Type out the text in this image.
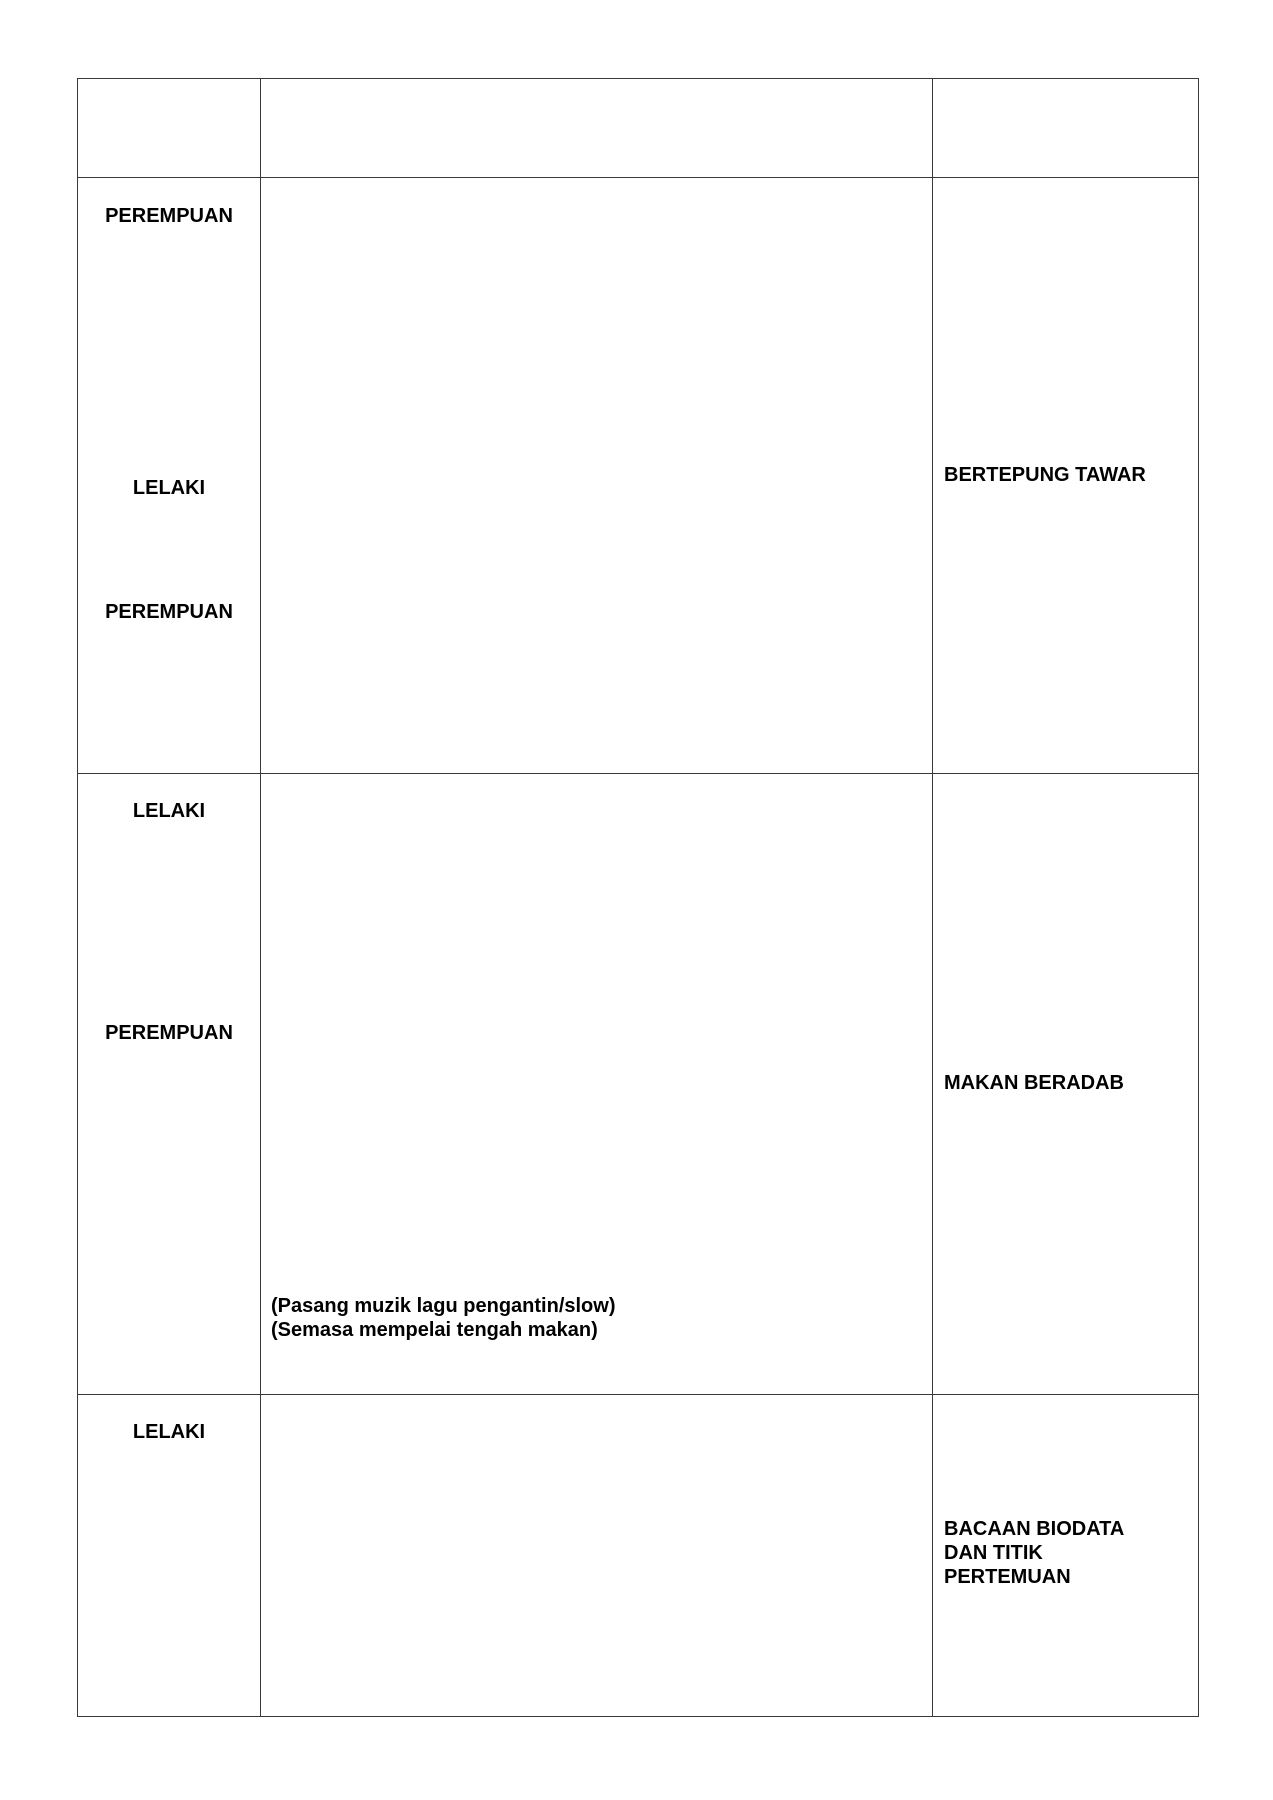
PEREMPUAN
LELAKI
PEREMPUAN
BERTEPUNG TAWAR
LELAKI
PEREMPUAN
(Pasang muzik lagu pengantin/slow)
(Semasa mempelai tengah makan)
MAKAN BERADAB
LELAKI
BACAAN BIODATA DAN TITIK PERTEMUAN
